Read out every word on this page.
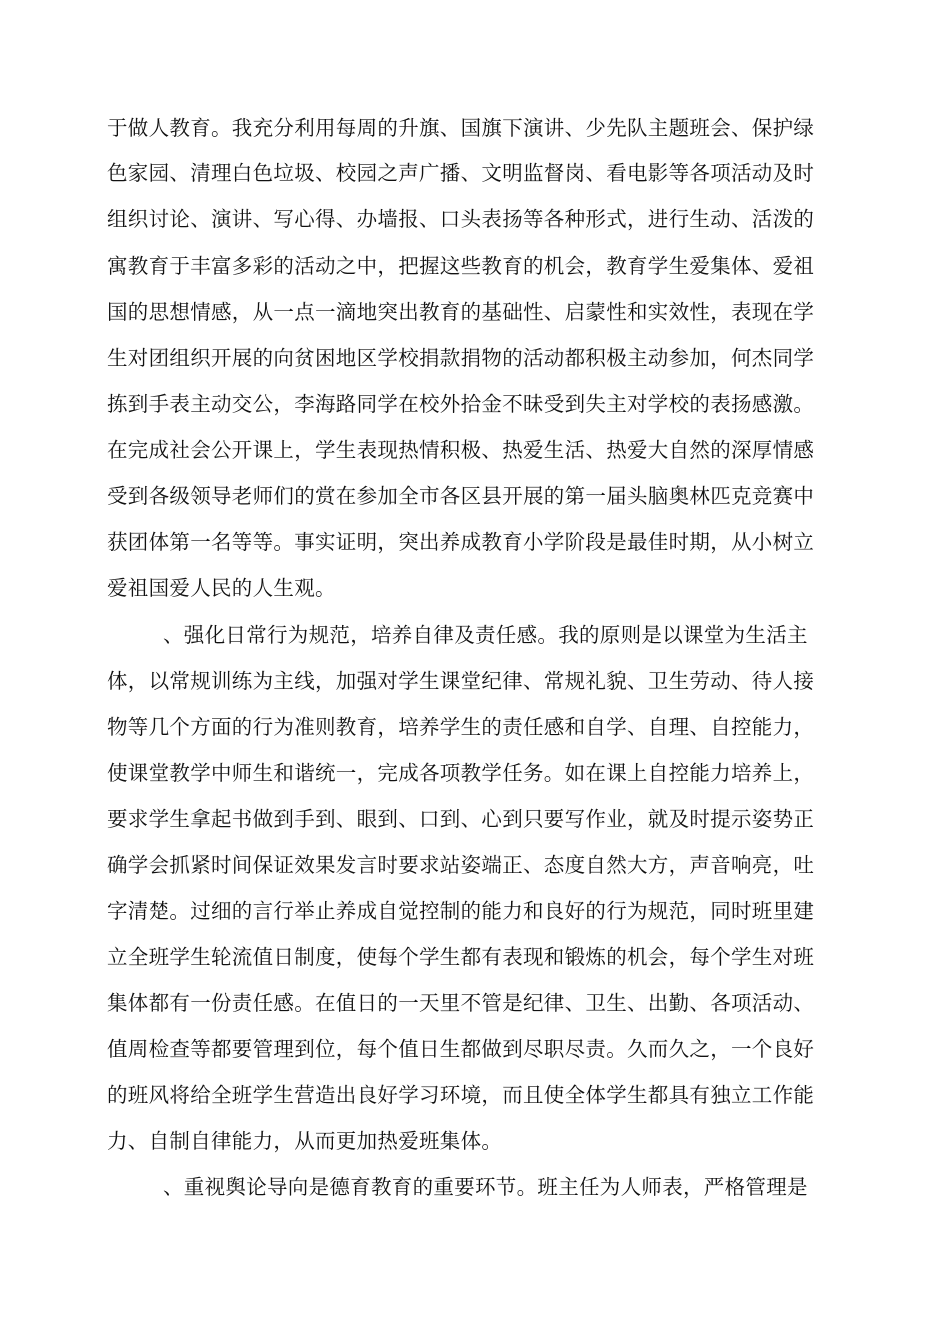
于做人教育。我充分利用每周的升旗、国旗下演讲、少先队主题班会、保护绿
色家园、清理白色垃圾、校园之声广播、文明监督岗、看电影等各项活动及时
组织讨论、演讲、写心得、办墙报、口头表扬等各种形式，进行生动、活泼的
寓教育于丰富多彩的活动之中，把握这些教育的机会，教育学生爱集体、爱祖
国的思想情感，从一点一滴地突出教育的基础性、启蒙性和实效性，表现在学
生对团组织开展的向贫困地区学校捐款捐物的活动都积极主动参加，何杰同学
拣到手表主动交公，李海路同学在校外拾金不昧受到失主对学校的表扬感激。
在完成社会公开课上，学生表现热情积极、热爱生活、热爱大自然的深厚情感
受到各级领导老师们的赏在参加全市各区县开展的第一届头脑奥林匹克竞赛中
获团体第一名等等。事实证明，突出养成教育小学阶段是最佳时期，从小树立
爱祖国爱人民的人生观。
、强化日常行为规范，培养自律及责任感。我的原则是以课堂为生活主
体，以常规训练为主线，加强对学生课堂纪律、常规礼貌、卫生劳动、待人接
物等几个方面的行为准则教育，培养学生的责任感和自学、自理、自控能力，
使课堂教学中师生和谐统一，完成各项教学任务。如在课上自控能力培养上，
要求学生拿起书做到手到、眼到、口到、心到只要写作业，就及时提示姿势正
确学会抓紧时间保证效果发言时要求站姿端正、态度自然大方，声音响亮，吐
字清楚。过细的言行举止养成自觉控制的能力和良好的行为规范，同时班里建
立全班学生轮流值日制度，使每个学生都有表现和锻炼的机会，每个学生对班
集体都有一份责任感。在值日的一天里不管是纪律、卫生、出勤、各项活动、
值周检查等都要管理到位，每个值日生都做到尽职尽责。久而久之，一个良好
的班风将给全班学生营造出良好学习环境，而且使全体学生都具有独立工作能
力、自制自律能力，从而更加热爱班集体。
、重视舆论导向是德育教育的重要环节。班主任为人师表，严格管理是
